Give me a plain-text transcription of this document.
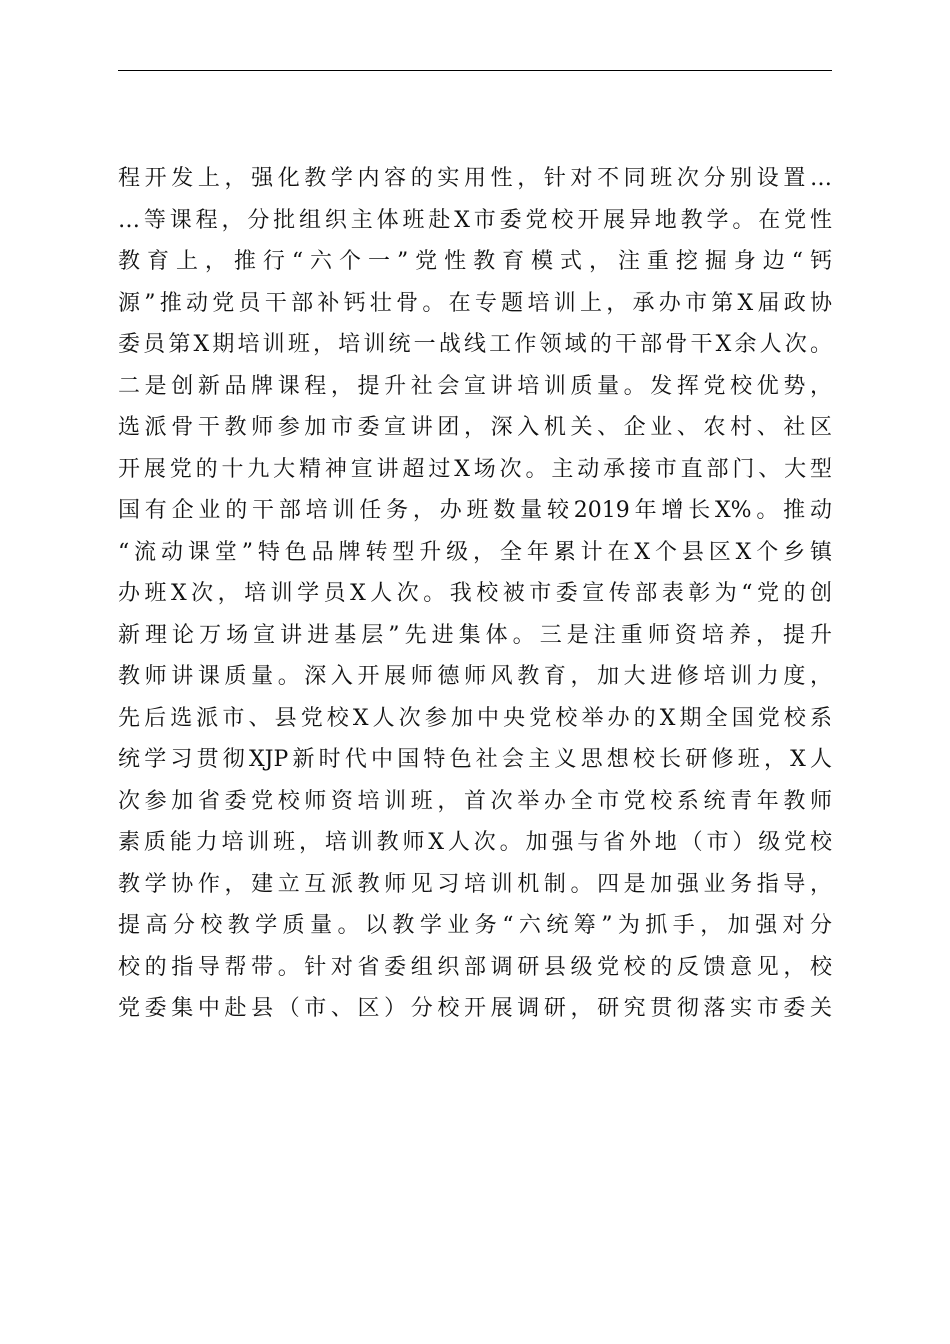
程开发上，强化教学内容的实用性，针对不同班次分别设置…
…等课程，分批组织主体班赴X市委党校开展异地教学。在党性
教育上，推行“六个一”党性教育模式，注重挖掘身边“钙
源”推动党员干部补钙壮骨。在专题培训上，承办市第X届政协
委员第X期培训班，培训统一战线工作领域的干部骨干X余人次。
二是创新品牌课程，提升社会宣讲培训质量。发挥党校优势，
选派骨干教师参加市委宣讲团，深入机关、企业、农村、社区
开展党的十九大精神宣讲超过X场次。主动承接市直部门、大型
国有企业的干部培训任务，办班数量较2019年增长X%。推动
“流动课堂”特色品牌转型升级，全年累计在X个县区X个乡镇
办班X次，培训学员X人次。我校被市委宣传部表彰为“党的创
新理论万场宣讲进基层”先进集体。三是注重师资培养，提升
教师讲课质量。深入开展师德师风教育，加大进修培训力度，
先后选派市、县党校X人次参加中央党校举办的X期全国党校系
统学习贯彻XJP新时代中国特色社会主义思想校长研修班，X人
次参加省委党校师资培训班，首次举办全市党校系统青年教师
素质能力培训班，培训教师X人次。加强与省外地（市）级党校
教学协作，建立互派教师见习培训机制。四是加强业务指导，
提高分校教学质量。以教学业务“六统筹”为抓手，加强对分
校的指导帮带。针对省委组织部调研县级党校的反馈意见，校
党委集中赴县（市、区）分校开展调研，研究贯彻落实市委关
